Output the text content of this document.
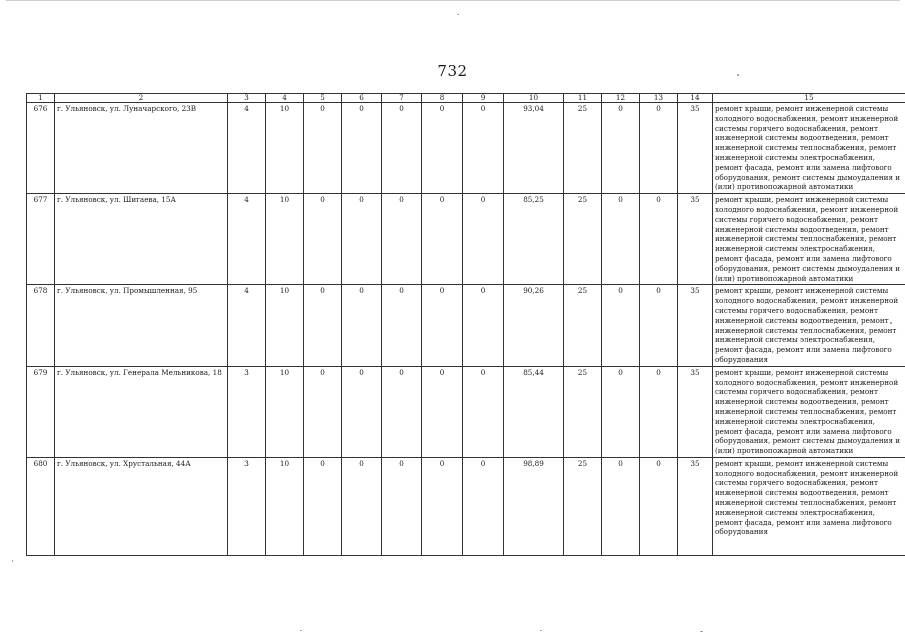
732
1	2	3	4	5	6	7	8	9	10	11	12	13	14	15
676	г. Ульяновск, ул. Луначарского, 23В	4	10	0	0	0	0	0	93,04	25	0	0	35	ремонт крыши, ремонт инженерной системы холодного водоснабжения, ремонт инженерной системы горячего водоснабжения, ремонт инженерной системы водоотведения, ремонт инженерной системы теплоснабжения, ремонт инженерной системы электроснабжения, ремонт фасада, ремонт или замена лифтового оборудования, ремонт системы дымоудаления и (или) противопожарной автоматики
677	г. Ульяновск, ул. Шигаева, 15А	4	10	0	0	0	0	0	85,25	25	0	0	35	ремонт крыши, ремонт инженерной системы холодного водоснабжения, ремонт инженерной системы горячего водоснабжения, ремонт инженерной системы водоотведения, ремонт инженерной системы теплоснабжения, ремонт инженерной системы электроснабжения, ремонт фасада, ремонт или замена лифтового оборудования, ремонт системы дымоудаления и (или) противопожарной автоматики
678	г. Ульяновск, ул. Промышленная, 95	4	10	0	0	0	0	0	90,26	25	0	0	35	ремонт крыши, ремонт инженерной системы холодного водоснабжения, ремонт инженерной системы горячего водоснабжения, ремонт инженерной системы водоотведения, ремонт инженерной системы теплоснабжения, ремонт инженерной системы электроснабжения, ремонт фасада, ремонт или замена лифтового оборудования
679	г. Ульяновск, ул. Генерала Мельникова, 18	3	10	0	0	0	0	0	85,44	25	0	0	35	ремонт крыши, ремонт инженерной системы холодного водоснабжения, ремонт инженерной системы горячего водоснабжения, ремонт инженерной системы водоотведения, ремонт инженерной системы теплоснабжения, ремонт инженерной системы электроснабжения, ремонт фасада, ремонт или замена лифтового оборудования, ремонт системы дымоудаления и (или) противопожарной автоматики
680	г. Ульяновск, ул. Хрустальная, 44А	3	10	0	0	0	0	0	98,89	25	0	0	35	ремонт крыши, ремонт инженерной системы холодного водоснабжения, ремонт инженерной системы горячего водоснабжения, ремонт инженерной системы водоотведения, ремонт инженерной системы теплоснабжения, ремонт инженерной системы электроснабжения, ремонт фасада, ремонт или замена лифтового оборудования
